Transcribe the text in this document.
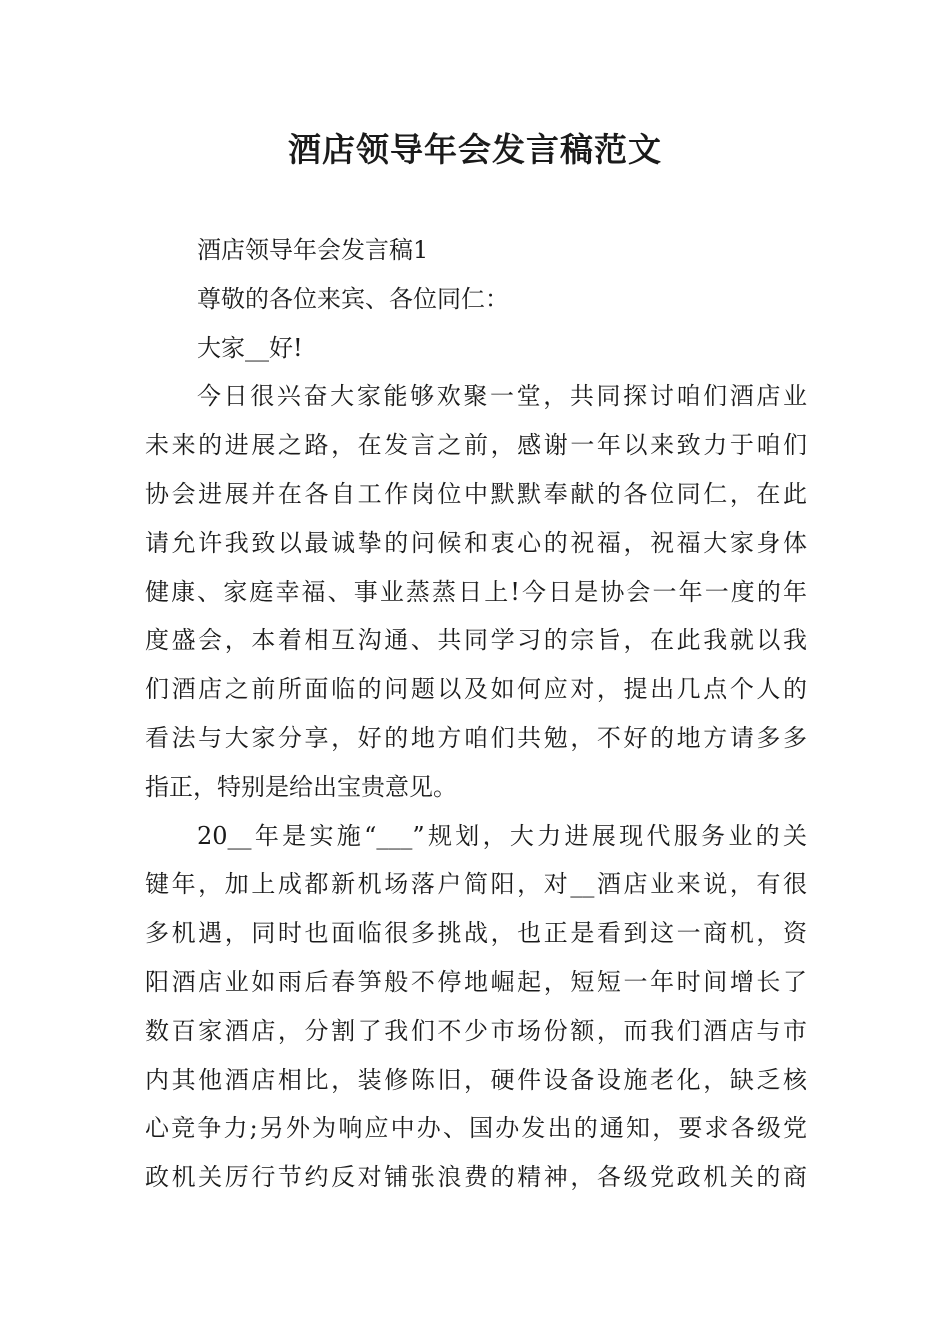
酒店领导年会发言稿范文

酒店领导年会发言稿1

尊敬的各位来宾、各位同仁：

大家__好!

今日很兴奋大家能够欢聚一堂，共同探讨咱们酒店业
未来的进展之路，在发言之前，感谢一年以来致力于咱们
协会进展并在各自工作岗位中默默奉献的各位同仁，在此
请允许我致以最诚挚的问候和衷心的祝福，祝福大家身体
健康、家庭幸福、事业蒸蒸日上!今日是协会一年一度的年
度盛会，本着相互沟通、共同学习的宗旨，在此我就以我
们酒店之前所面临的问题以及如何应对，提出几点个人的
看法与大家分享，好的地方咱们共勉，不好的地方请多多
指正，特别是给出宝贵意见。

20__年是实施“___”规划，大力进展现代服务业的关
键年，加上成都新机场落户简阳，对__酒店业来说，有很
多机遇，同时也面临很多挑战，也正是看到这一商机，资
阳酒店业如雨后春笋般不停地崛起，短短一年时间增长了
数百家酒店，分割了我们不少市场份额，而我们酒店与市
内其他酒店相比，装修陈旧，硬件设备设施老化，缺乏核
心竞争力;另外为响应中办、国办发出的通知，要求各级党
政机关厉行节约反对铺张浪费的精神，各级党政机关的商
